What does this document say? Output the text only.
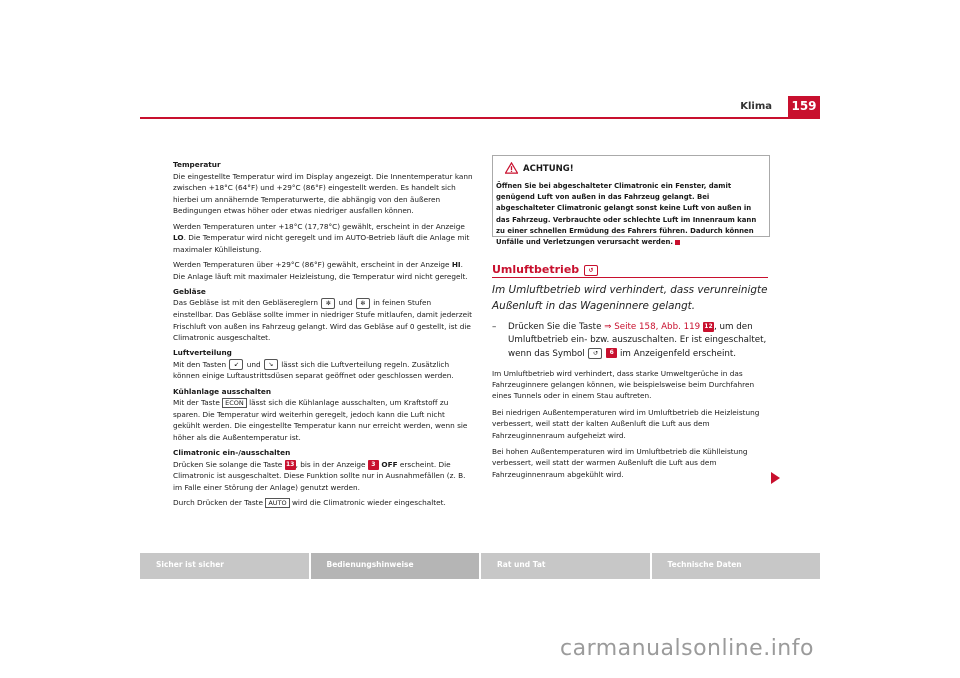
Klima 159

Temperatur

Die eingestellte Temperatur wird im Display angezeigt. Die Innentemperatur kann zwischen +18°C (64°F) und +29°C (86°F) eingestellt werden. Es handelt sich hierbei um annähernde Temperaturwerte, die abhängig von den äußeren Bedingungen etwas höher oder etwas niedriger ausfallen können.

Werden Temperaturen unter +18°C (17,78°C) gewählt, erscheint in der Anzeige LO. Die Temperatur wird nicht geregelt und im AUTO-Betrieb läuft die Anlage mit maximaler Kühlleistung.

Werden Temperaturen über +29°C (86°F) gewählt, erscheint in der Anzeige HI. Die Anlage läuft mit maximaler Heizleistung, die Temperatur wird nicht geregelt.

Gebläse

Das Gebläse ist mit den Gebläsereglern ✻ und ✻ in feinen Stufen einstellbar. Das Gebläse sollte immer in niedriger Stufe mitlaufen, damit jederzeit Frischluft von außen ins Fahrzeug gelangt. Wird das Gebläse auf 0 gestellt, ist die Climatronic ausgeschaltet.

Luftverteilung

Mit den Tasten ↙ und ↘ lässt sich die Luftverteilung regeln. Zusätzlich können einige Luftaustrittsdüsen separat geöffnet oder geschlossen werden.

Kühlanlage ausschalten

Mit der Taste ECON lässt sich die Kühlanlage ausschalten, um Kraftstoff zu sparen. Die Temperatur wird weiterhin geregelt, jedoch kann die Luft nicht gekühlt werden. Die eingestellte Temperatur kann nur erreicht werden, wenn sie höher als die Außentemperatur ist.

Climatronic ein-/ausschalten

Drücken Sie solange die Taste 13, bis in der Anzeige 3 OFF erscheint. Die Climatronic ist ausgeschaltet. Diese Funktion sollte nur in Ausnahmefällen (z. B. im Falle einer Störung der Anlage) genutzt werden.

Durch Drücken der Taste AUTO wird die Climatronic wieder eingeschaltet.

ACHTUNG!
Öffnen Sie bei abgeschalteter Climatronic ein Fenster, damit genügend Luft von außen in das Fahrzeug gelangt. Bei abgeschalteter Climatronic gelangt sonst keine Luft von außen in das Fahrzeug. Verbrauchte oder schlechte Luft im Innenraum kann zu einer schnellen Ermüdung des Fahrers führen. Dadurch können Unfälle und Verletzungen verursacht werden.
Umluftbetrieb ↺
Im Umluftbetrieb wird verhindert, dass verunreinigte Außenluft in das Wageninnere gelangt.
– Drücken Sie die Taste ⇒ Seite 158, Abb. 119 12, um den Umluftbetrieb ein- bzw. auszuschalten. Er ist eingeschaltet, wenn das Symbol ↺ 6 im Anzeigenfeld erscheint.

Im Umluftbetrieb wird verhindert, dass starke Umweltgerüche in das Fahrzeuginnere gelangen können, wie beispielsweise beim Durchfahren eines Tunnels oder in einem Stau auftreten.

Bei niedrigen Außentemperaturen wird im Umluftbetrieb die Heizleistung verbessert, weil statt der kalten Außenluft die Luft aus dem Fahrzeuginnenraum aufgeheizt wird.

Bei hohen Außentemperaturen wird im Umluftbetrieb die Kühlleistung verbessert, weil statt der warmen Außenluft die Luft aus dem Fahrzeuginnenraum abgekühlt wird.

Sicher ist sicher	Bedienungshinweise	Rat und Tat	Technische Daten
carmanualsonline.info
